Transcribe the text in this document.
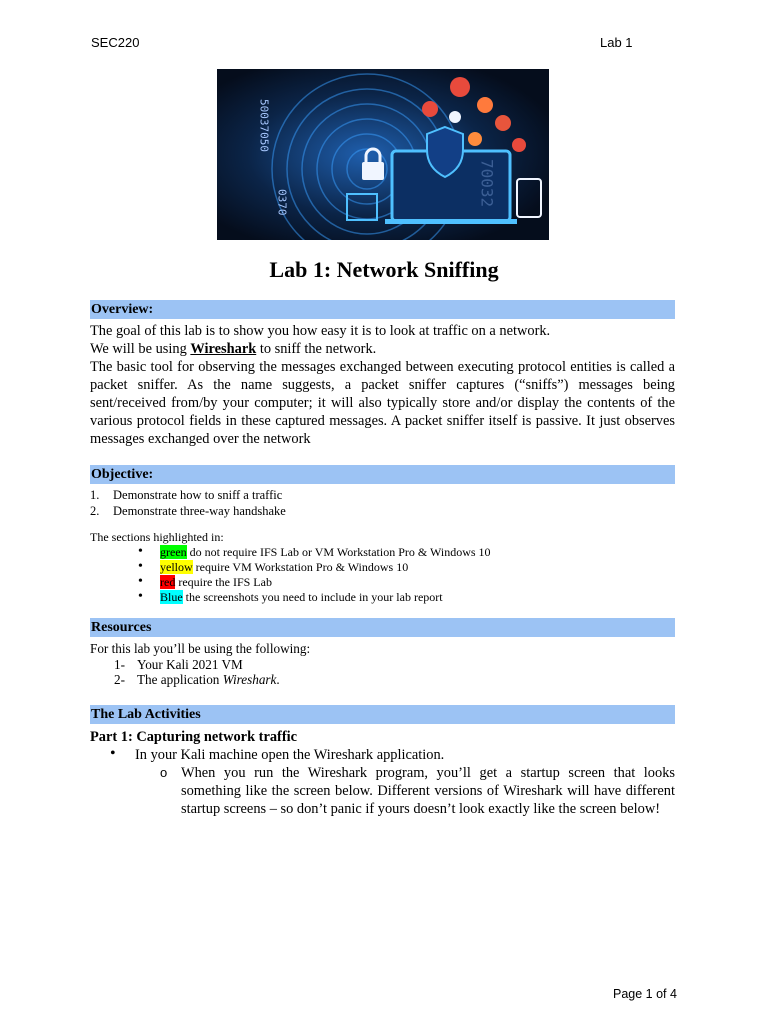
SEC220	Lab 1
50037050
0370	70032
Lab 1: Network Sniffing
Overview:
The goal of this lab is to show you how easy it is to look at traffic on a network.
We will be using Wireshark to sniff the network.
The basic tool for observing the messages exchanged between executing protocol entities is called a packet sniffer. As the name suggests, a packet sniffer captures (“sniffs”) messages being sent/received from/by your computer; it will also typically store and/or display the contents of the various protocol fields in these captured messages. A packet sniffer itself is passive. It just observes messages exchanged over the network
Objective:
1. Demonstrate how to sniff a traffic
2. Demonstrate three-way handshake
The sections highlighted in:
• green do not require IFS Lab or VM Workstation Pro & Windows 10
• yellow require VM Workstation Pro & Windows 10
• red require the IFS Lab
• Blue the screenshots you need to include in your lab report
Resources
For this lab you’ll be using the following:
1- Your Kali 2021 VM
2- The application Wireshark.
The Lab Activities
Part 1: Capturing network traffic
• In your Kali machine open the Wireshark application.
o When you run the Wireshark program, you’ll get a startup screen that looks something like the screen below. Different versions of Wireshark will have different startup screens – so don’t panic if yours doesn’t look exactly like the screen below!
Page 1 of 4
